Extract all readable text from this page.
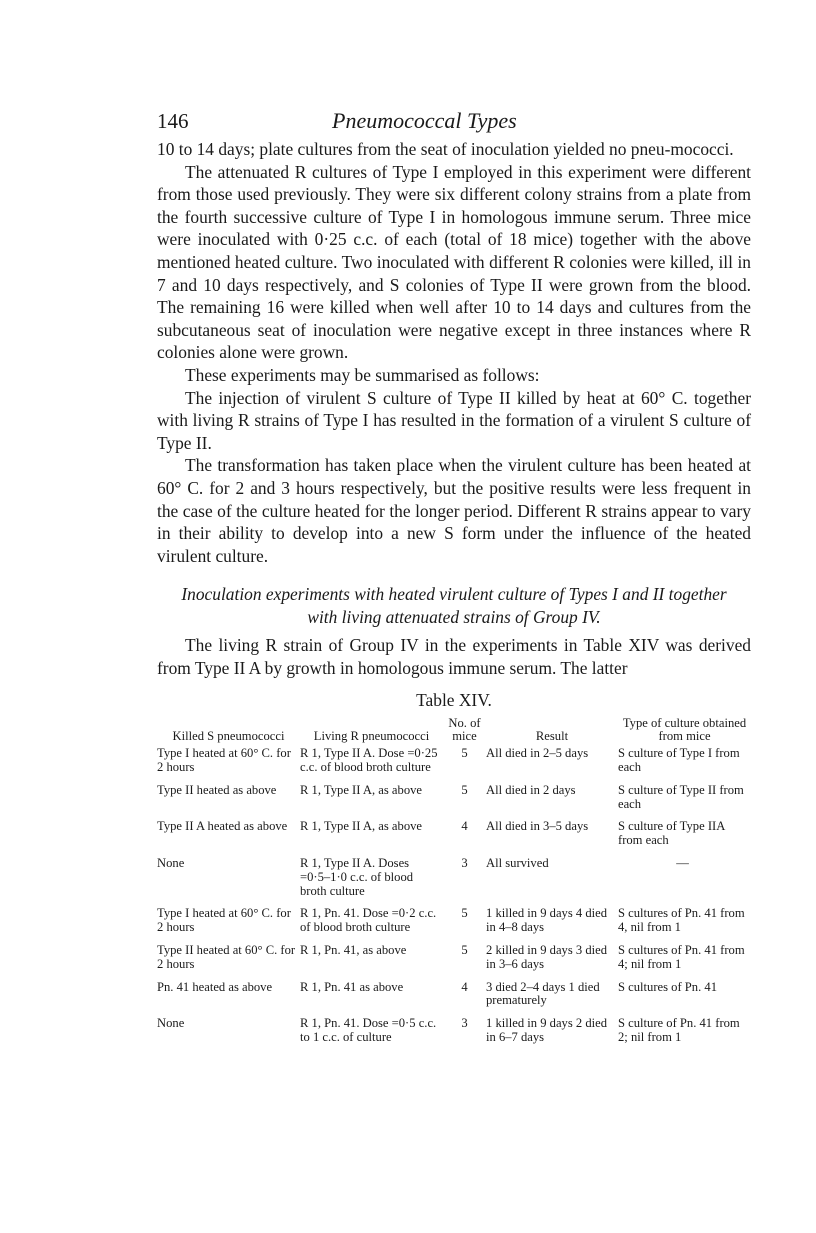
146	Pneumococcal Types

10 to 14 days; plate cultures from the seat of inoculation yielded no pneu-mococci.

The attenuated R cultures of Type I employed in this experiment were different from those used previously. They were six different colony strains from a plate from the fourth successive culture of Type I in homologous immune serum. Three mice were inoculated with 0·25 c.c. of each (total of 18 mice) together with the above mentioned heated culture. Two inoculated with different R colonies were killed, ill in 7 and 10 days respectively, and S colonies of Type II were grown from the blood. The remaining 16 were killed when well after 10 to 14 days and cultures from the subcutaneous seat of inoculation were negative except in three instances where R colonies alone were grown.

These experiments may be summarised as follows:

The injection of virulent S culture of Type II killed by heat at 60° C. together with living R strains of Type I has resulted in the formation of a virulent S culture of Type II.

The transformation has taken place when the virulent culture has been heated at 60° C. for 2 and 3 hours respectively, but the positive results were less frequent in the case of the culture heated for the longer period. Different R strains appear to vary in their ability to develop into a new S form under the influence of the heated virulent culture.

Inoculation experiments with heated virulent culture of Types I and II together
with living attenuated strains of Group IV.

The living R strain of Group IV in the experiments in Table XIV was derived from Type II A by growth in homologous immune serum. The latter

Table XIV.
Killed S pneumococci	Living R pneumococci	No. of mice	Result	Type of culture obtained from mice
Type I heated at 60° C. for 2 hours	R 1, Type II A. Dose =0·25 c.c. of blood broth culture	5	All died in 2–5 days	S culture of Type I from each
Type II heated as above	R 1, Type II A, as above	5	All died in 2 days	S culture of Type II from each
Type II A heated as above	R 1, Type II A, as above	4	All died in 3–5 days	S culture of Type IIA from each
None	R 1, Type II A. Doses =0·5–1·0 c.c. of blood broth culture	3	All survived	—
Type I heated at 60° C. for 2 hours	R 1, Pn. 41. Dose =0·2 c.c. of blood broth culture	5	1 killed in 9 days 4 died in 4–8 days	S cultures of Pn. 41 from 4, nil from 1
Type II heated at 60° C. for 2 hours	R 1, Pn. 41, as above	5	2 killed in 9 days 3 died in 3–6 days	S cultures of Pn. 41 from 4; nil from 1
Pn. 41 heated as above	R 1, Pn. 41 as above	4	3 died 2–4 days 1 died prematurely	S cultures of Pn. 41
None	R 1, Pn. 41. Dose =0·5 c.c. to 1 c.c. of culture	3	1 killed in 9 days 2 died in 6–7 days	S culture of Pn. 41 from 2; nil from 1
